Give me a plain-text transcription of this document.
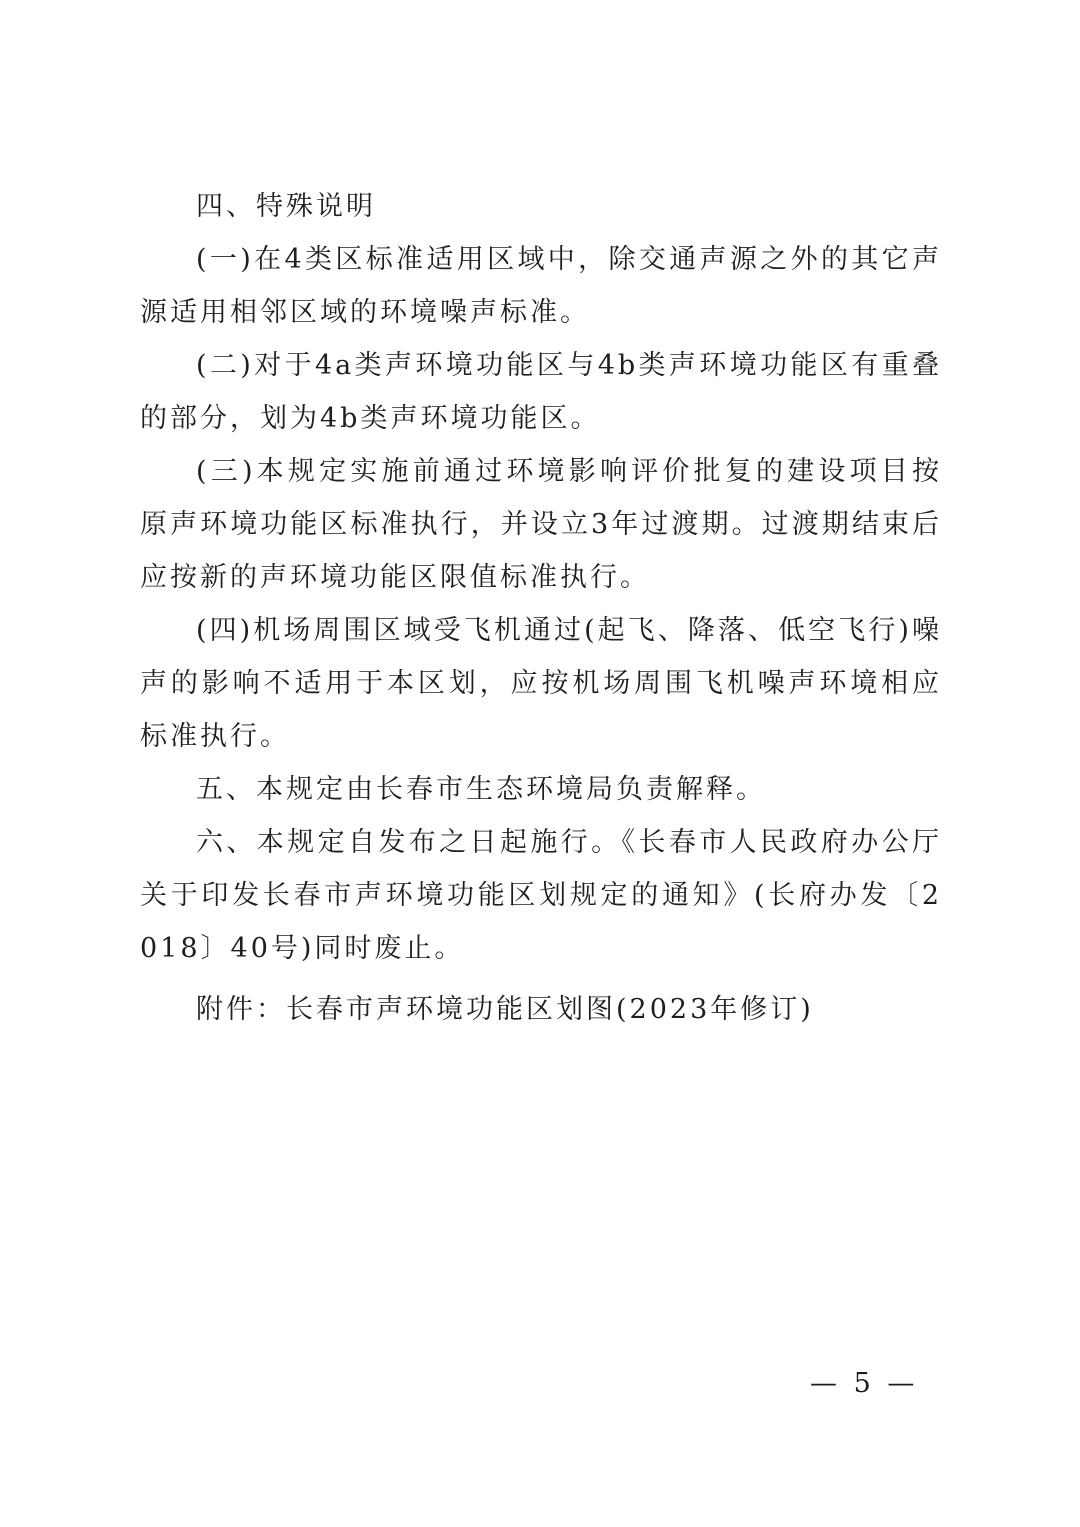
四、特殊说明

(一)在4类区标准适用区域中，除交通声源之外的其它声源适用相邻区域的环境噪声标准。

(二)对于4a类声环境功能区与4b类声环境功能区有重叠的部分，划为4b类声环境功能区。

(三)本规定实施前通过环境影响评价批复的建设项目按原声环境功能区标准执行，并设立3年过渡期。过渡期结束后应按新的声环境功能区限值标准执行。

(四)机场周围区域受飞机通过(起飞、降落、低空飞行)噪声的影响不适用于本区划，应按机场周围飞机噪声环境相应标准执行。

五、本规定由长春市生态环境局负责解释。

六、本规定自发布之日起施行。《长春市人民政府办公厅关于印发长春市声环境功能区划规定的通知》(长府办发〔2018〕40号)同时废止。

附件：长春市声环境功能区划图(2023年修订)
— 5 —
